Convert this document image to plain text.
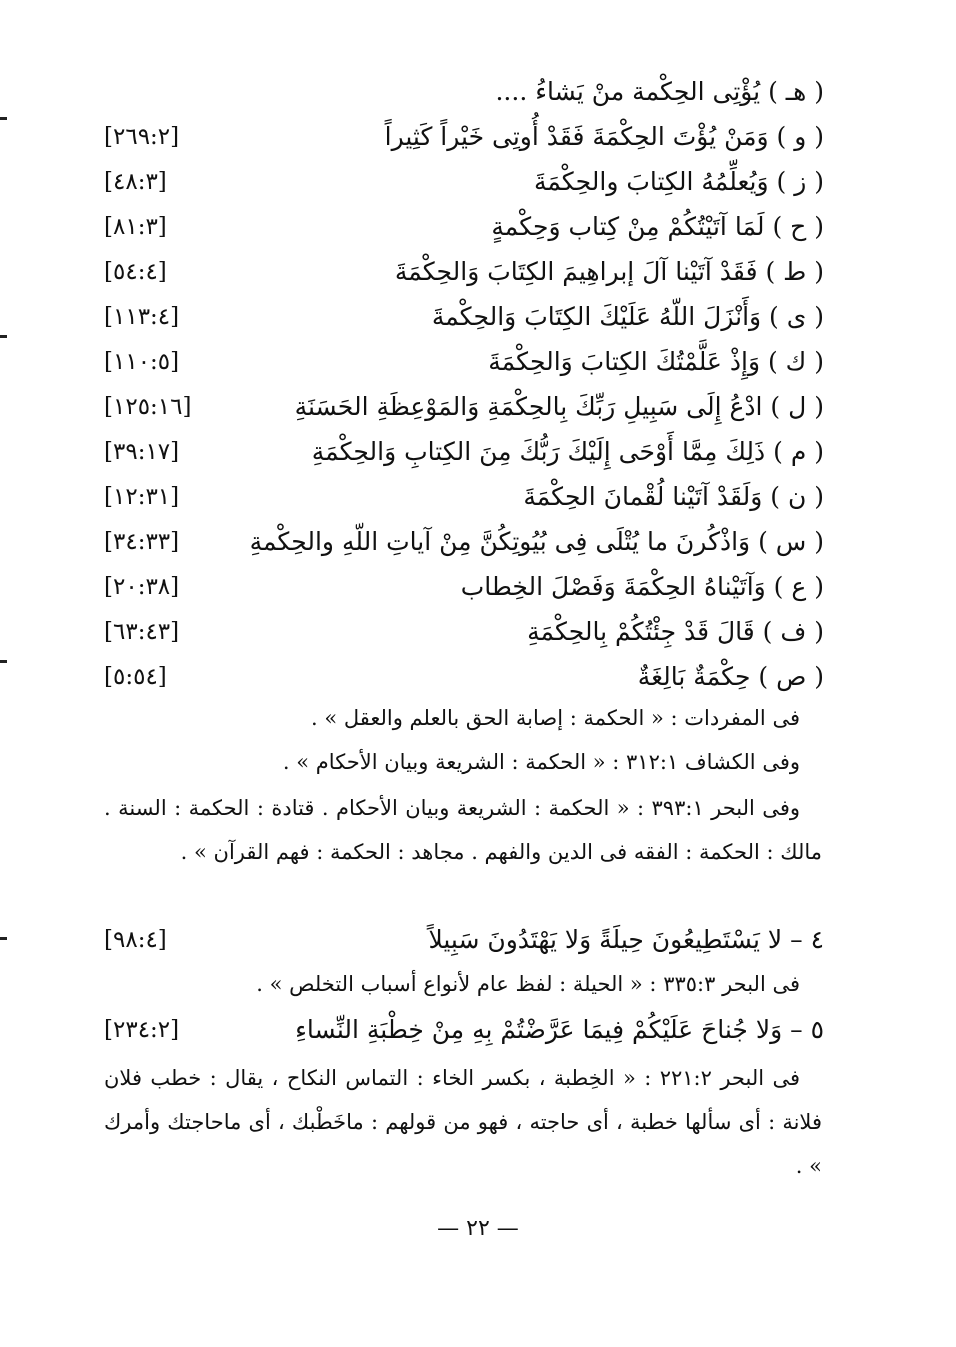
( هـ ) يُؤْتِى الحِكْمة منْ يَشاءُ ....
( و ) وَمَنْ يُؤْتَ الحِكْمَةَ فَقَدْ أُوتِى خَيْراً كَثِيراً
[٢٦٩:٢]
( ز ) وَيُعلِّمُهُ الكِتابَ والحِكْمَةَ
[٤٨:٣]
( ح ) لَمَا آتَيْتُكُمْ مِنْ كِتاب وَحِكْمةٍ
[٨١:٣]
( ط ) فَقَدْ آتَيْنا آلَ إبراهِيمَ الكِتَابَ وَالحِكْمَةَ
[٥٤:٤]
( ى ) وَأَنْزَلَ اللّهُ عَلَيْكَ الكِتَابَ وَالحِكْمةَ
[١١٣:٤]
( ك ) وَإِذْ عَلَّمْتُكَ الكِتابَ وَالحِكْمَةَ
[١١٠:٥]
( ل ) ادْعُ إِلَى سَبِيلِ رَبِّكَ بِالحِكْمَةِ وَالمَوْعِظَةِ الحَسَنَةِ
[١٢٥:١٦]
( م ) ذَلِكَ مِمَّا أَوْحَى إِلَيْكَ رَبُّكَ مِنَ الكِتابِ وَالحِكْمَةِ
[٣٩:١٧]
( ن ) وَلَقَدْ آتَيْنا لُقْمانَ الحِكْمَةَ
[١٢:٣١]
( س ) وَاذْكُرنَ ما يُتْلَى فِى بُيُوتِكُنَّ مِنْ آياتِ اللّهِ والحِكْمةِ
[٣٤:٣٣]
( ع ) وَآتَيْناهُ الحِكْمَةَ وَفَصْلَ الخِطاب
[٢٠:٣٨]
( ف ) قَالَ قَدْ جِئْتُكُمْ بِالحِكْمَةِ
[٦٣:٤٣]
( ص ) حِكْمَةٌ بَالِغَةٌ
[٥:٥٤]
فى المفردات : « الحكمة : إصابة الحق بالعلم والعقل » .
وفى الكشاف ٣١٢:١ : « الحكمة : الشريعة وبيان الأحكام » .
وفى البحر ٣٩٣:١ : « الحكمة : الشريعة وبيان الأحكام . قتادة : الحكمة : السنة . مالك : الحكمة : الفقه فى الدين والفهم . مجاهد : الحكمة : فهم القرآن » .
٤ – لا يَسْتَطِيعُونَ حِيلَةً وَلا يَهْتَدُونَ سَبِيلاً
[٩٨:٤]
فى البحر ٣٣٥:٣ : « الحيلة : لفظ عام لأنواع أسباب التخلص » .
٥ – وَلا جُناحَ عَلَيْكُمْ فِيمَا عَرَّضْتُمْ بِهِ مِنْ خِطْبَةِ النِّساءِ
[٢٣٤:٢]
فى البحر ٢٢١:٢ : « الخِطبة ، بكسر الخاء : التماس النكاح ، يقال : خطب فلان فلانة : أى سألها خطبة ، أى حاجته ، فهو من قولهم : ماخَطْبك ، أى ماحاجتك وأمرك » .
— ٢٢ —
